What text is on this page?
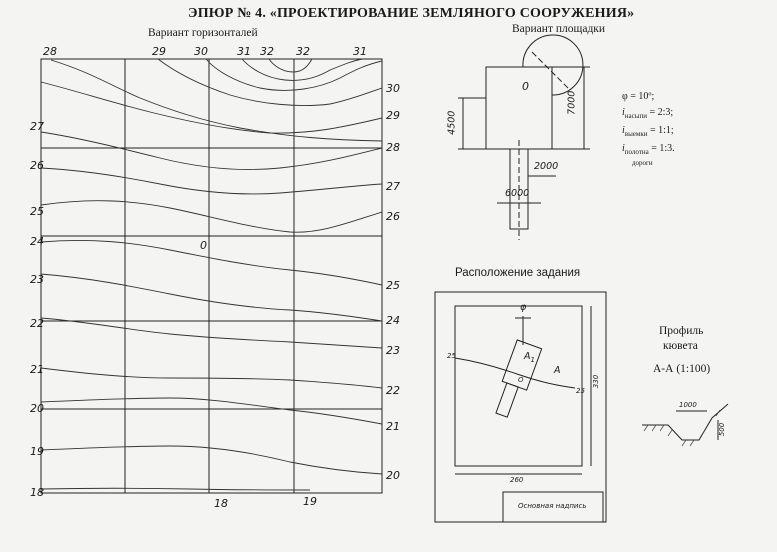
ЭПЮР № 4. «ПРОЕКТИРОВАНИЕ ЗЕМЛЯНОГО СООРУЖЕНИЯ»
Вариант горизонталей
28	29	30	31 32 32	31
27
26
25
24
23
22
21
20
19
18
30
29
28
27
26
25
24
23
22
21
20
18	19
0
Вариант площадки
0
4500
7000
2000
6000
φ = 10º;
$i_{насыпи}$ = 2:3;
$i_{выемки}$ = 1:1;
$i_{полотна}$ = 1:3.
дороги
Расположение задания
φ
$A_1$
A
25
25
O	330
260
Основная надпись
Профиль
кювета
А-А (1:100)
1000
500
